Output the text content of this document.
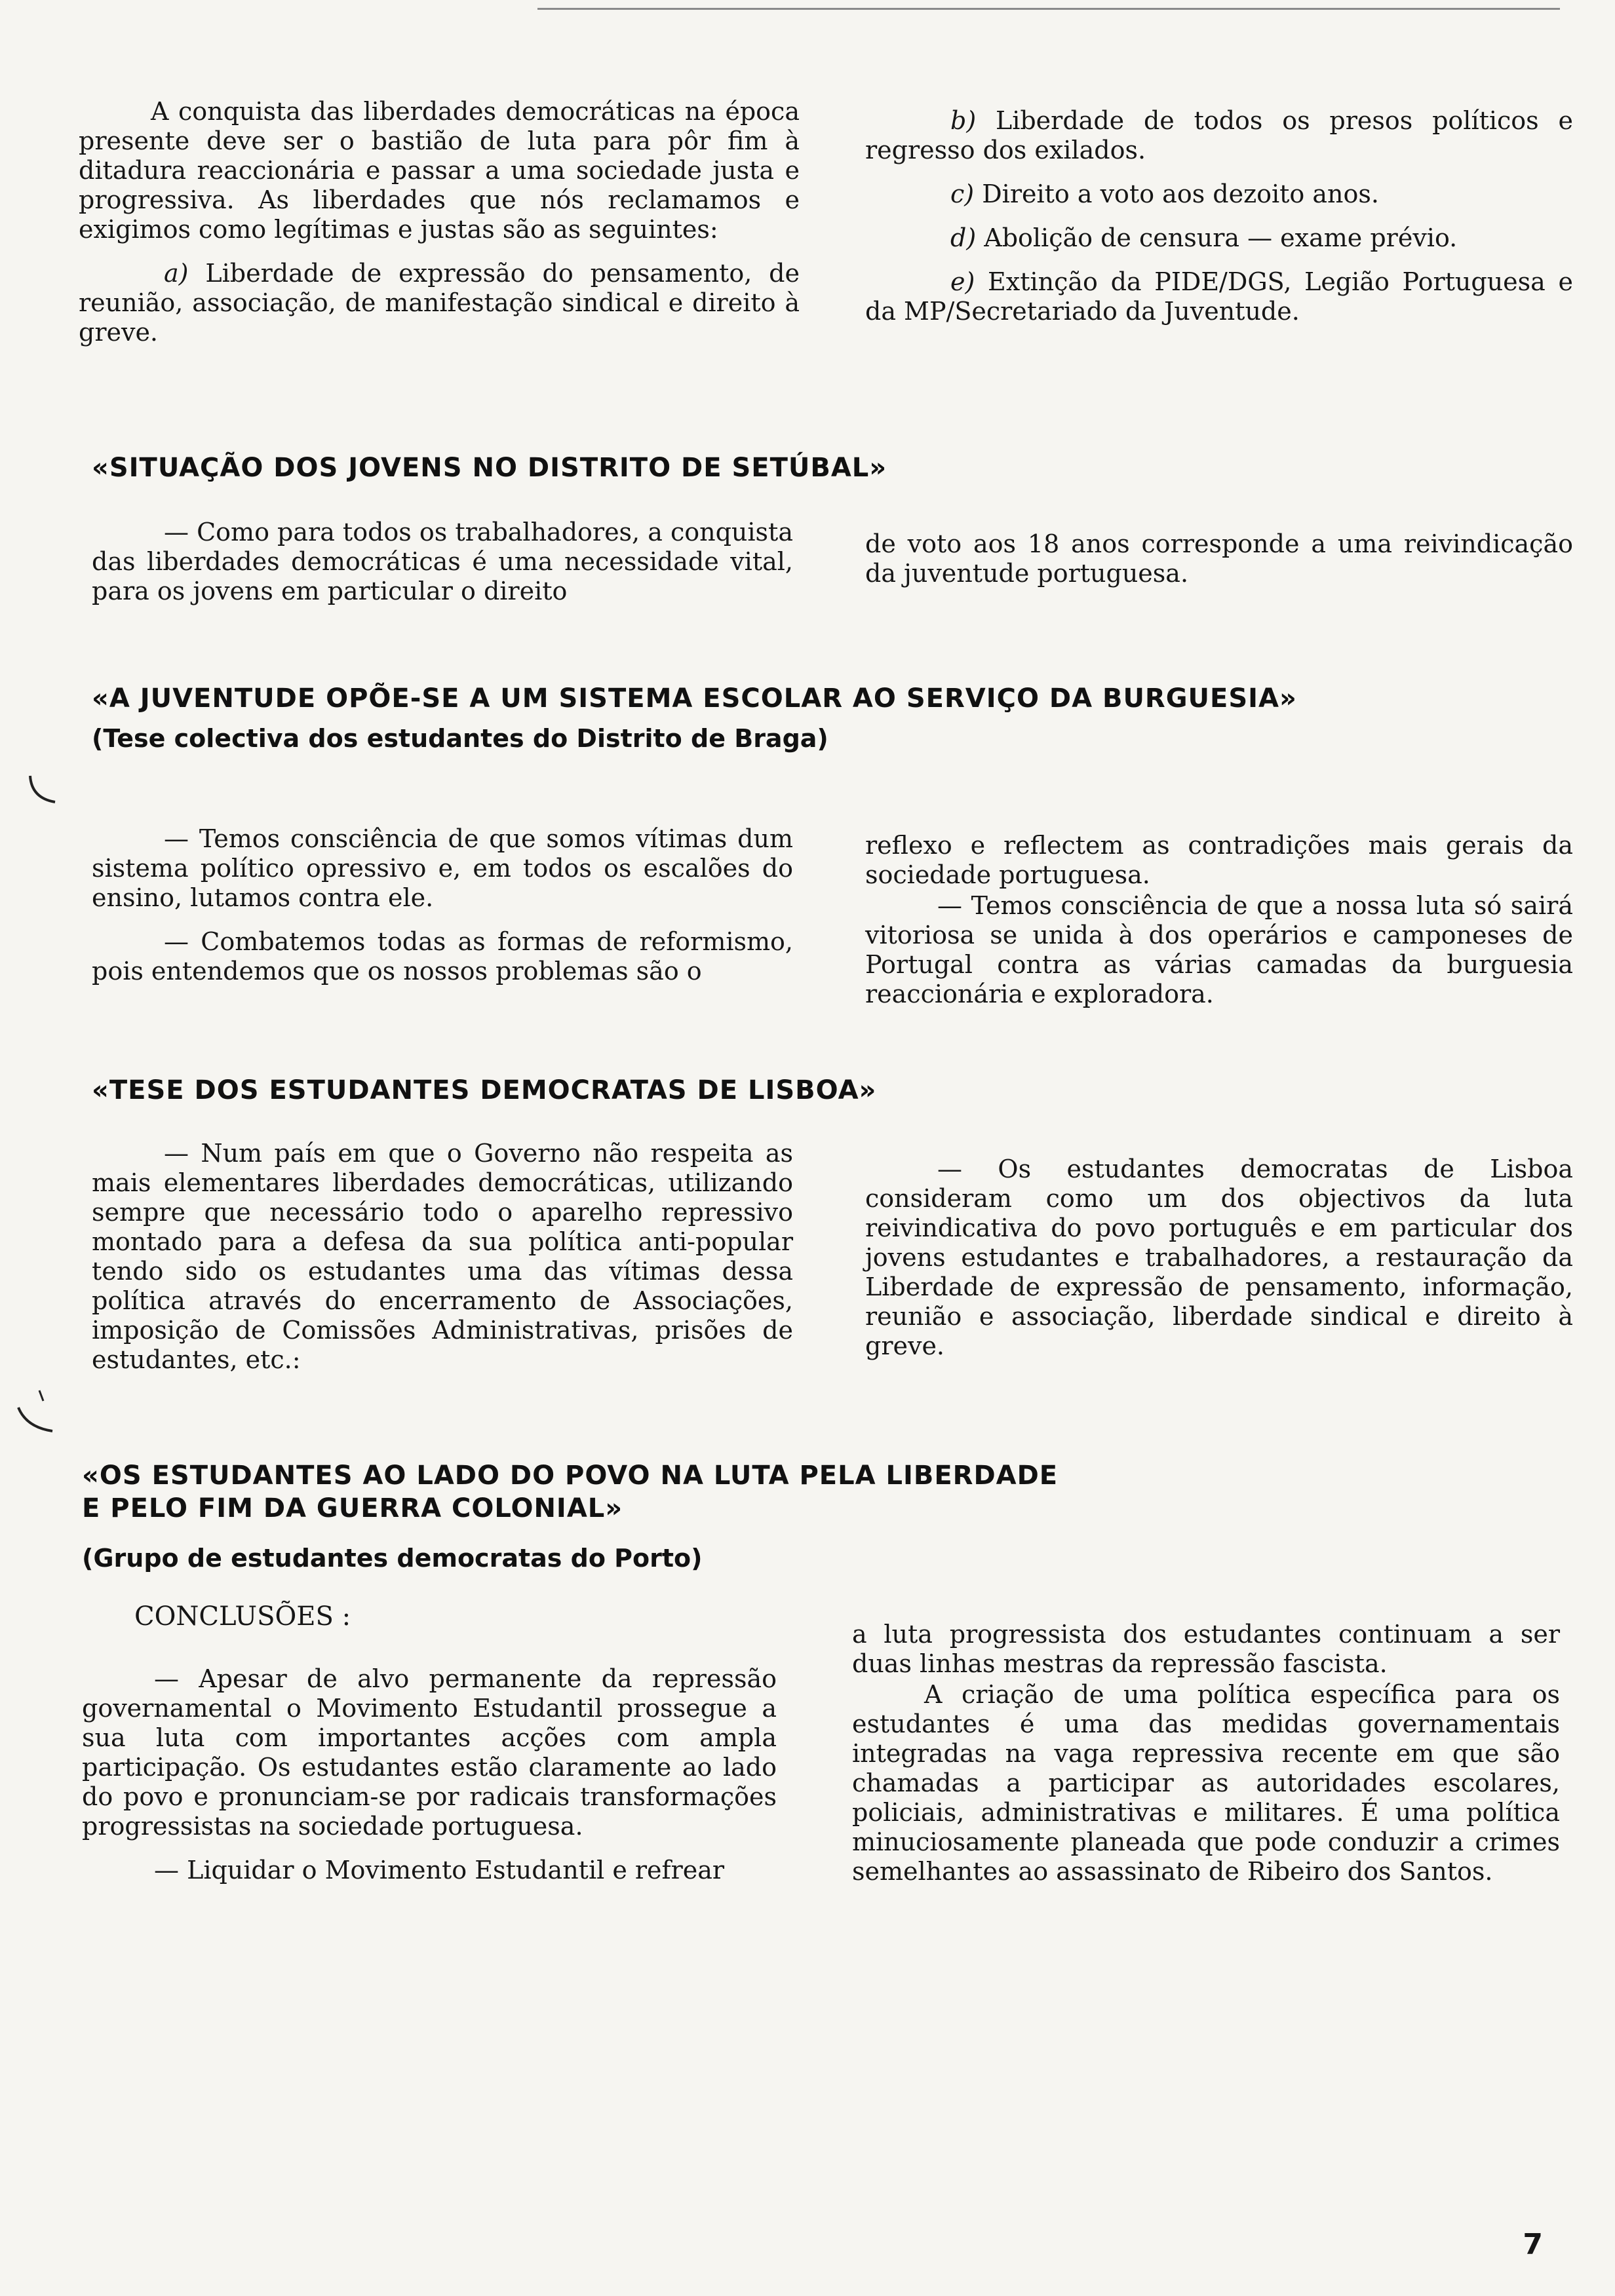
A conquista das liberdades democráticas na época presente deve ser o bastião de luta para pôr fim à ditadura reaccionária e passar a uma sociedade justa e progressiva. As liberdades que nós reclamamos e exigimos como legítimas e justas são as seguintes:

a) Liberdade de expressão do pensamento, de reunião, associação, de manifestação sindical e direito à greve.

b) Liberdade de todos os presos políticos e regresso dos exilados.

c) Direito a voto aos dezoito anos.

d) Abolição de censura — exame prévio.

e) Extinção da PIDE/DGS, Legião Portuguesa e da MP/Secretariado da Juventude.

«SITUAÇÃO DOS JOVENS NO DISTRITO DE SETÚBAL»

— Como para todos os trabalhadores, a conquista das liberdades democráticas é uma necessidade vital, para os jovens em particular o direito

de voto aos 18 anos corresponde a uma reivindicação da juventude portuguesa.

«A JUVENTUDE OPÕE-SE A UM SISTEMA ESCOLAR AO SERVIÇO DA BURGUESIA»
(Tese colectiva dos estudantes do Distrito de Braga)

— Temos consciência de que somos vítimas dum sistema político opressivo e, em todos os escalões do ensino, lutamos contra ele.

— Combatemos todas as formas de reformismo, pois entendemos que os nossos problemas são o

reflexo e reflectem as contradições mais gerais da sociedade portuguesa.

— Temos consciência de que a nossa luta só sairá vitoriosa se unida à dos operários e camponeses de Portugal contra as várias camadas da burguesia reaccionária e exploradora.

«TESE DOS ESTUDANTES DEMOCRATAS DE LISBOA»

— Num país em que o Governo não respeita as mais elementares liberdades democráticas, utilizando sempre que necessário todo o aparelho repressivo montado para a defesa da sua política anti-popular tendo sido os estudantes uma das vítimas dessa política através do encerramento de Associações, imposição de Comissões Administrativas, prisões de estudantes, etc.:

— Os estudantes democratas de Lisboa consideram como um dos objectivos da luta reivindicativa do povo português e em particular dos jovens estudantes e trabalhadores, a restauração da Liberdade de expressão de pensamento, informação, reunião e associação, liberdade sindical e direito à greve.

«OS ESTUDANTES AO LADO DO POVO NA LUTA PELA LIBERDADE
E PELO FIM DA GUERRA COLONIAL»
(Grupo de estudantes democratas do Porto)
CONCLUSÕES :

— Apesar de alvo permanente da repressão governamental o Movimento Estudantil prossegue a sua luta com importantes acções com ampla participação. Os estudantes estão claramente ao lado do povo e pronunciam-se por radicais transformações progressistas na sociedade portuguesa.

— Liquidar o Movimento Estudantil e refrear

a luta progressista dos estudantes continuam a ser duas linhas mestras da repressão fascista.

A criação de uma política específica para os estudantes é uma das medidas governamentais integradas na vaga repressiva recente em que são chamadas a participar as autoridades escolares, policiais, administrativas e militares. É uma política minuciosamente planeada que pode conduzir a crimes semelhantes ao assassinato de Ribeiro dos Santos.

7
